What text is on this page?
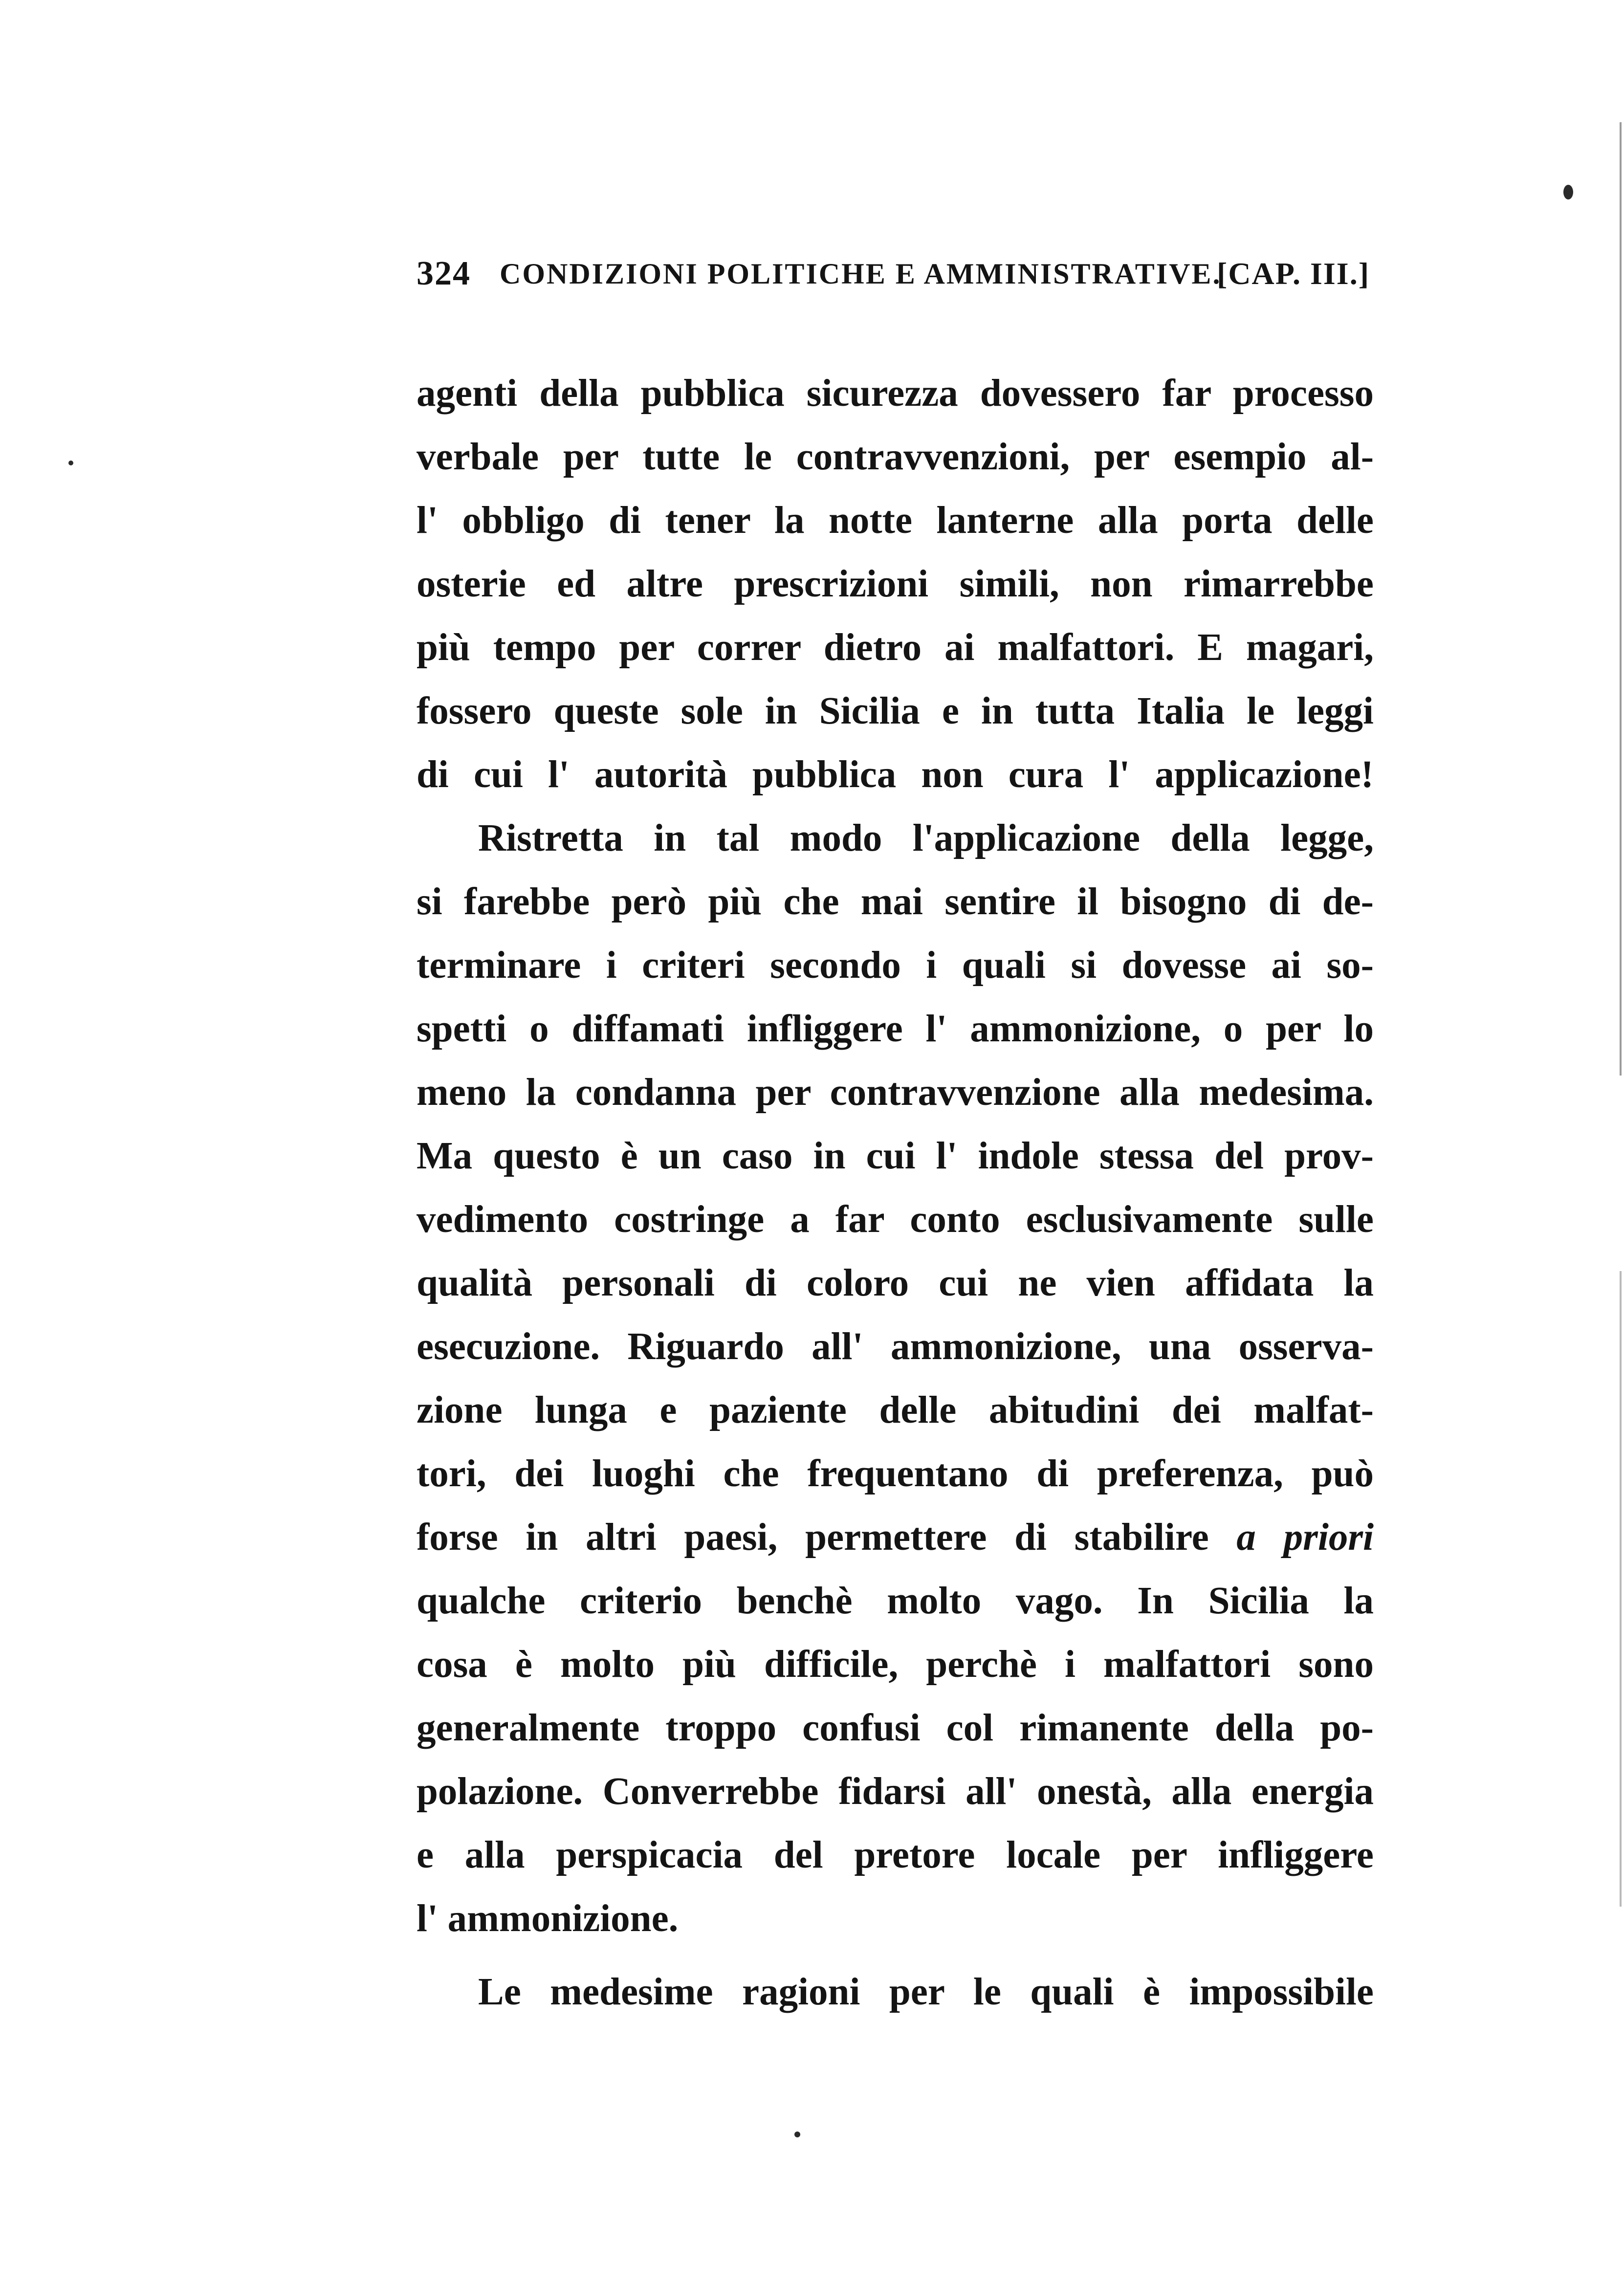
324 CONDIZIONI POLITICHE E AMMINISTRATIVE.
[CAP. III.]
agenti della pubblica sicurezza dovessero far processo
verbale per tutte le contravvenzioni, per esempio al-
l' obbligo di tener la notte lanterne alla porta delle
osterie ed altre prescrizioni simili, non rimarrebbe
più tempo per correr dietro ai malfattori. E magari,
fossero queste sole in Sicilia e in tutta Italia le leggi
di cui l' autorità pubblica non cura l' applicazione!
Ristretta in tal modo l'applicazione della legge,
si farebbe però più che mai sentire il bisogno di de-
terminare i criteri secondo i quali si dovesse ai so-
spetti o diffamati infliggere l' ammonizione, o per lo
meno la condanna per contravvenzione alla medesima.
Ma questo è un caso in cui l' indole stessa del prov-
vedimento costringe a far conto esclusivamente sulle
qualità personali di coloro cui ne vien affidata la
esecuzione. Riguardo all' ammonizione, una osserva-
zione lunga e paziente delle abitudini dei malfat-
tori, dei luoghi che frequentano di preferenza, può
forse in altri paesi, permettere di stabilire a priori
qualche criterio benchè molto vago. In Sicilia la
cosa è molto più difficile, perchè i malfattori sono
generalmente troppo confusi col rimanente della po-
polazione. Converrebbe fidarsi all' onestà, alla energia
e alla perspicacia del pretore locale per infliggere
l' ammonizione.
Le medesime ragioni per le quali è impossibile
